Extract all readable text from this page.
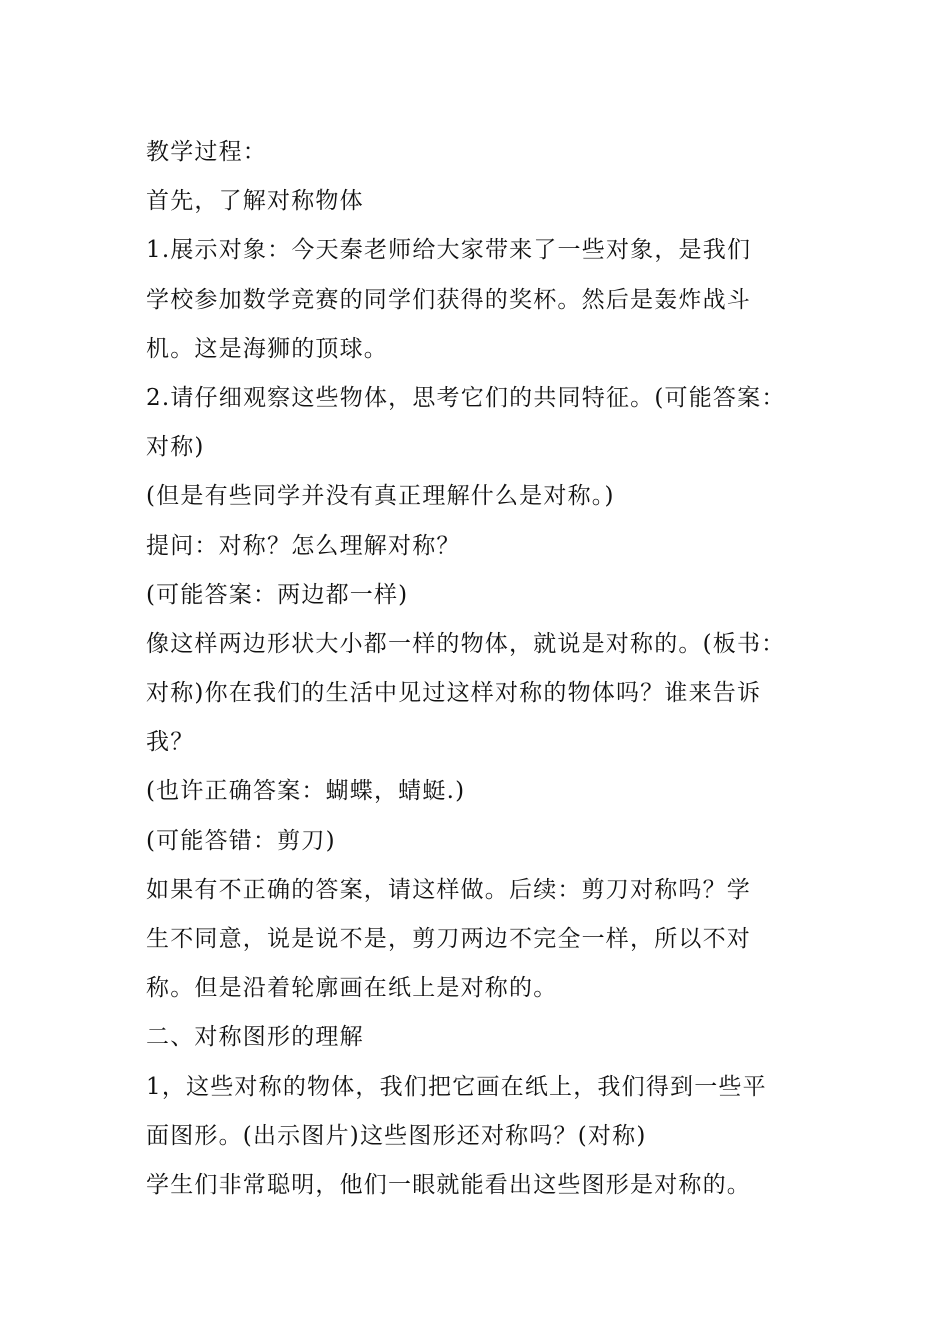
教学过程：

首先，了解对称物体

1.展示对象：今天秦老师给大家带来了一些对象，是我们

学校参加数学竞赛的同学们获得的奖杯。然后是轰炸战斗

机。这是海狮的顶球。

2.请仔细观察这些物体，思考它们的共同特征。(可能答案：

对称)

(但是有些同学并没有真正理解什么是对称。)

提问：对称？怎么理解对称？

(可能答案：两边都一样)

像这样两边形状大小都一样的物体，就说是对称的。(板书：

对称)你在我们的生活中见过这样对称的物体吗？谁来告诉

我？

(也许正确答案：蝴蝶，蜻蜓.)

(可能答错：剪刀)

如果有不正确的答案，请这样做。后续：剪刀对称吗？学

生不同意，说是说不是，剪刀两边不完全一样，所以不对

称。但是沿着轮廓画在纸上是对称的。

二、对称图形的理解

1，这些对称的物体，我们把它画在纸上，我们得到一些平

面图形。(出示图片)这些图形还对称吗？(对称)

学生们非常聪明，他们一眼就能看出这些图形是对称的。
